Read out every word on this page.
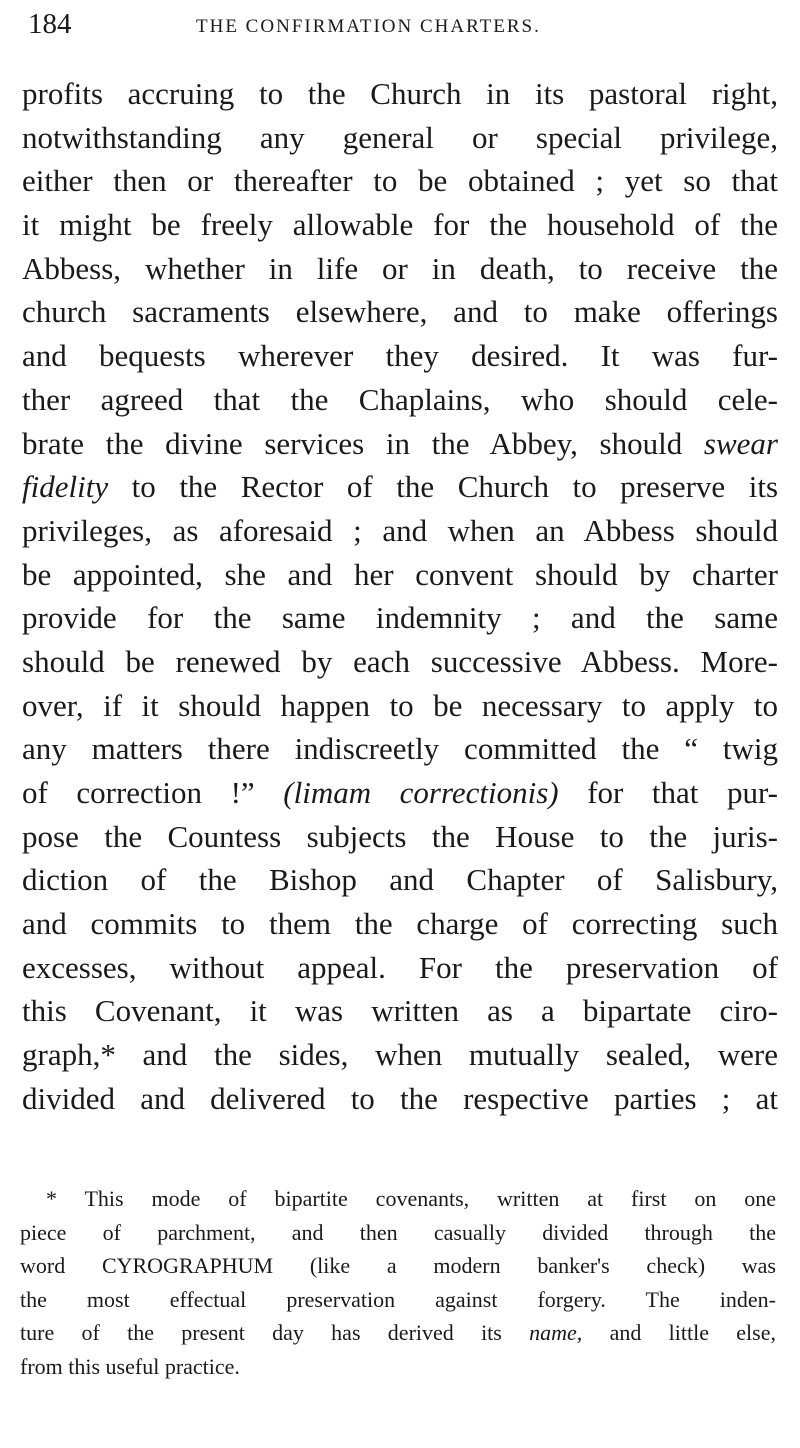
184	THE CONFIRMATION CHARTERS.
profits accruing to the Church in its pastoral right,
notwithstanding any general or special privilege,
either then or thereafter to be obtained ; yet so that
it might be freely allowable for the household of the
Abbess, whether in life or in death, to receive the
church sacraments elsewhere, and to make offerings
and bequests wherever they desired. It was fur-
ther agreed that the Chaplains, who should cele-
brate the divine services in the Abbey, should swear
fidelity to the Rector of the Church to preserve its
privileges, as aforesaid ; and when an Abbess should
be appointed, she and her convent should by charter
provide for the same indemnity ; and the same
should be renewed by each successive Abbess. More-
over, if it should happen to be necessary to apply to
any matters there indiscreetly committed the “ twig
of correction !” (limam correctionis) for that pur-
pose the Countess subjects the House to the juris-
diction of the Bishop and Chapter of Salisbury,
and commits to them the charge of correcting such
excesses, without appeal. For the preservation of
this Covenant, it was written as a bipartate ciro-
graph,* and the sides, when mutually sealed, were
divided and delivered to the respective parties ; at
* This mode of bipartite covenants, written at first on one
piece of parchment, and then casually divided through the
word CYROGRAPHUM (like a modern banker's check) was
the most effectual preservation against forgery. The inden-
ture of the present day has derived its name, and little else,
from this useful practice.
